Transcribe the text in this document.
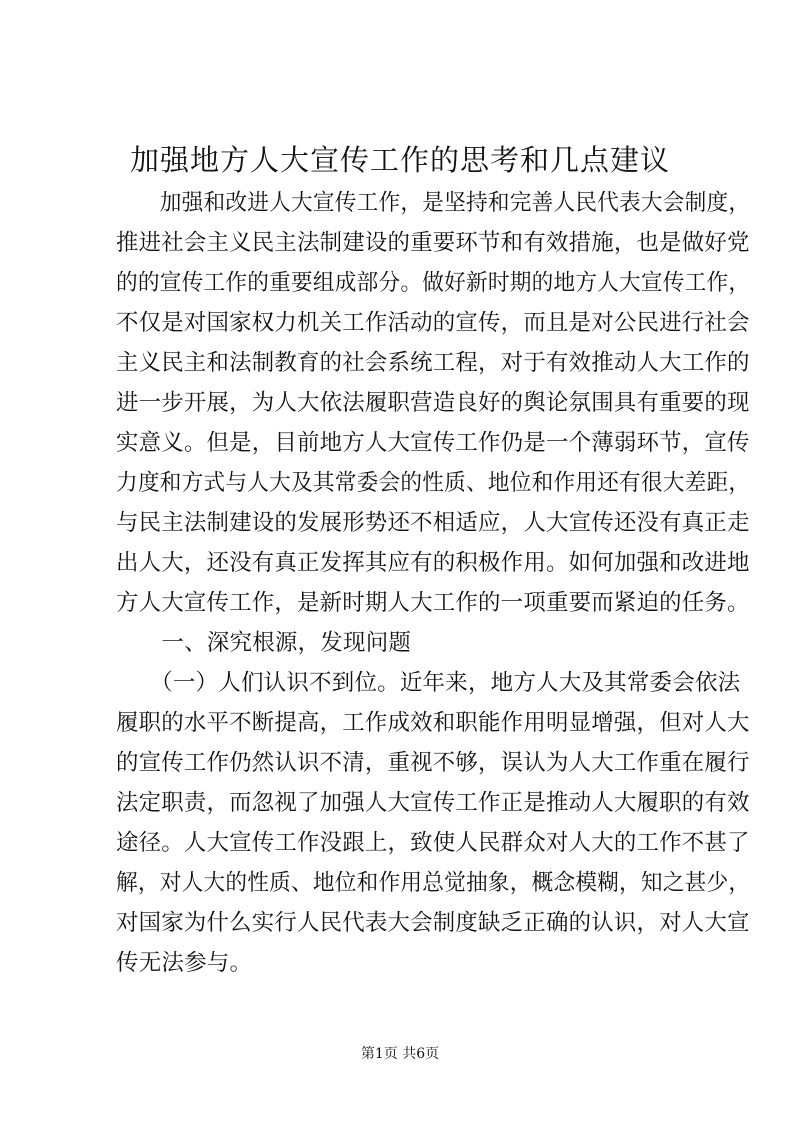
加强地方人大宣传工作的思考和几点建议
　　加强和改进人大宣传工作，是坚持和完善人民代表大会制度，
推进社会主义民主法制建设的重要环节和有效措施，也是做好党
的的宣传工作的重要组成部分。做好新时期的地方人大宣传工作，
不仅是对国家权力机关工作活动的宣传，而且是对公民进行社会
主义民主和法制教育的社会系统工程，对于有效推动人大工作的
进一步开展，为人大依法履职营造良好的舆论氛围具有重要的现
实意义。但是，目前地方人大宣传工作仍是一个薄弱环节，宣传
力度和方式与人大及其常委会的性质、地位和作用还有很大差距，
与民主法制建设的发展形势还不相适应，人大宣传还没有真正走
出人大，还没有真正发挥其应有的积极作用。如何加强和改进地
方人大宣传工作，是新时期人大工作的一项重要而紧迫的任务。
　　一、深究根源，发现问题
　　（一）人们认识不到位。近年来，地方人大及其常委会依法
履职的水平不断提高，工作成效和职能作用明显增强，但对人大
的宣传工作仍然认识不清，重视不够，误认为人大工作重在履行
法定职责，而忽视了加强人大宣传工作正是推动人大履职的有效
途径。人大宣传工作没跟上，致使人民群众对人大的工作不甚了
解，对人大的性质、地位和作用总觉抽象，概念模糊，知之甚少，
对国家为什么实行人民代表大会制度缺乏正确的认识，对人大宣
传无法参与。
第1页 共6页
